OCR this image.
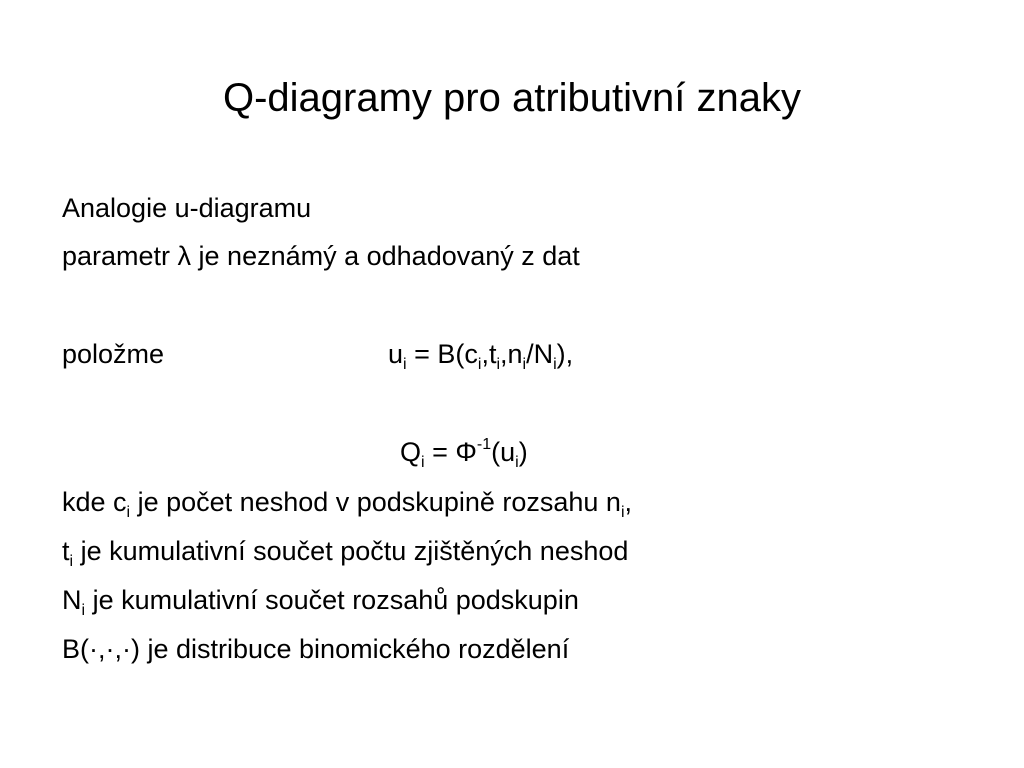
Q-diagramy pro atributivní znaky
Analogie u-diagramu
parametr λ je neznámý a odhadovaný z dat
položme	$u_i = B(c_i,t_i,n_i/N_i)$,
$Q_i = \Phi^{-1}(u_i)$
kde $c_i$ je počet neshod v podskupině rozsahu $n_i$,
$t_i$ je kumulativní součet počtu zjištěných neshod
$N_i$ je kumulativní součet rozsahů podskupin
B(·,·,·) je distribuce binomického rozdělení
